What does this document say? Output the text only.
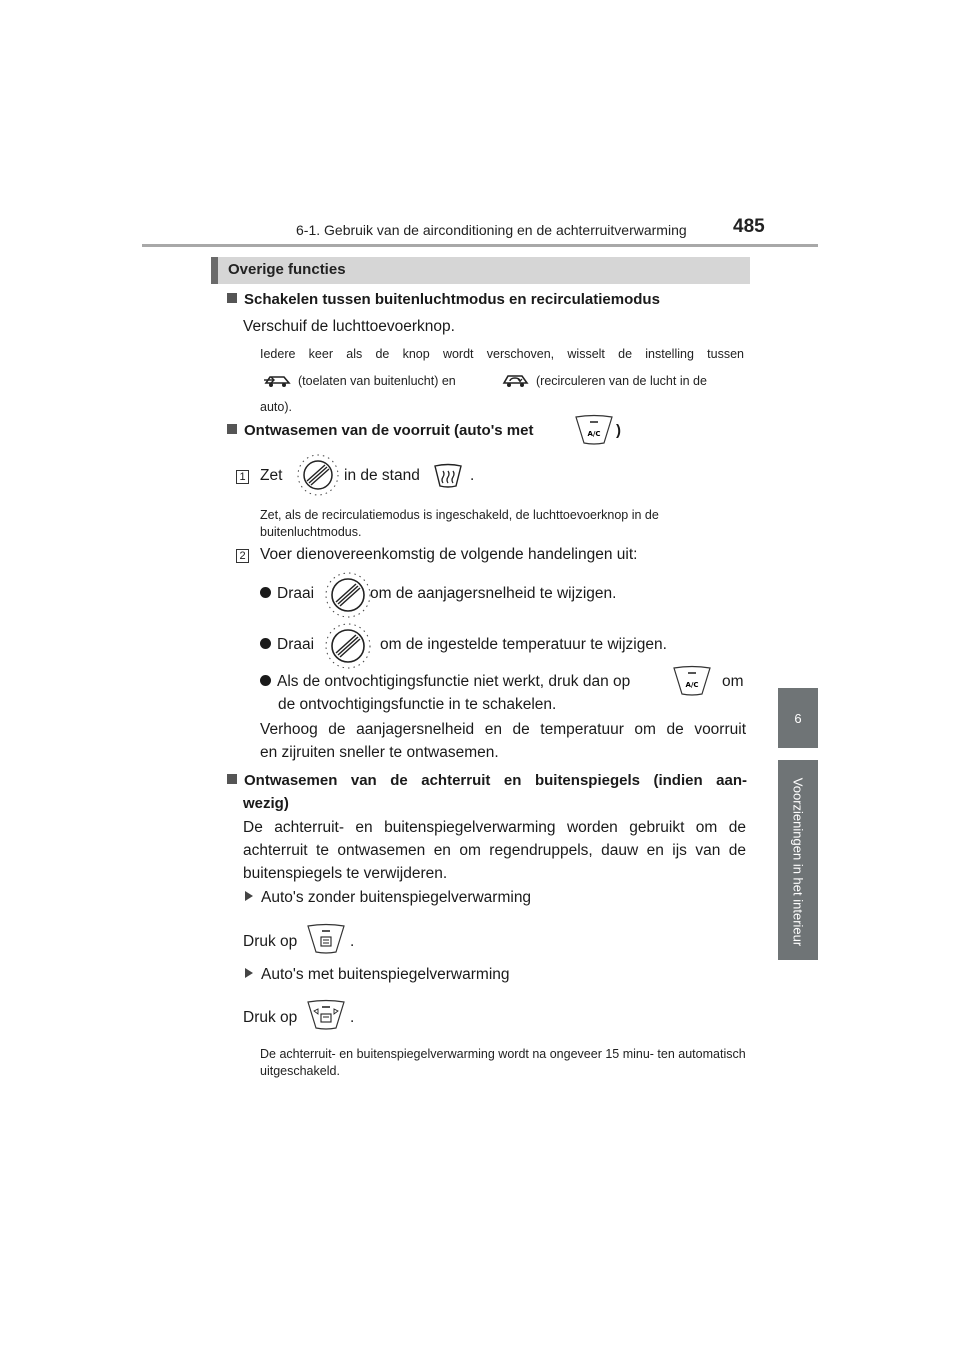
6-1. Gebruik van de airconditioning en de achterruitverwarming 485
6
Voorzieningen in het interieur
Overige functies
Schakelen tussen buitenluchtmodus en recirculatiemodus
Verschuif de luchttoevoerknop.
Iedere keer als de knop wordt verschoven, wisselt de instelling tussen
(toelaten van buitenlucht) en	(recirculeren van de lucht in de
auto).
Ontwasemen van de voorruit (auto's met	A/C )
1 Zet	in de stand	.
Zet, als de recirculatiemodus is ingeschakeld, de luchttoevoerknop in de buitenluchtmodus.
2 Voer dienovereenkomstig de volgende handelingen uit:
Draai	om de aanjagersnelheid te wijzigen.
Draai	om de ingestelde temperatuur te wijzigen.
Als de ontvochtigingsfunctie niet werkt, druk dan op	A/C om
de ontvochtigingsfunctie in te schakelen.
Verhoog de aanjagersnelheid en de temperatuur om de voorruit
en zijruiten sneller te ontwasemen.
Ontwasemen van de achterruit en buitenspiegels (indien aan-
wezig)
De achterruit- en buitenspiegelverwarming worden gebruikt om de
achterruit te ontwasemen en om regendruppels, dauw en ijs van de
buitenspiegels te verwijderen.
Auto's zonder buitenspiegelverwarming
Druk op	.
Auto's met buitenspiegelverwarming
Druk op	.
De achterruit- en buitenspiegelverwarming wordt na ongeveer 15 minu- ten automatisch uitgeschakeld.
